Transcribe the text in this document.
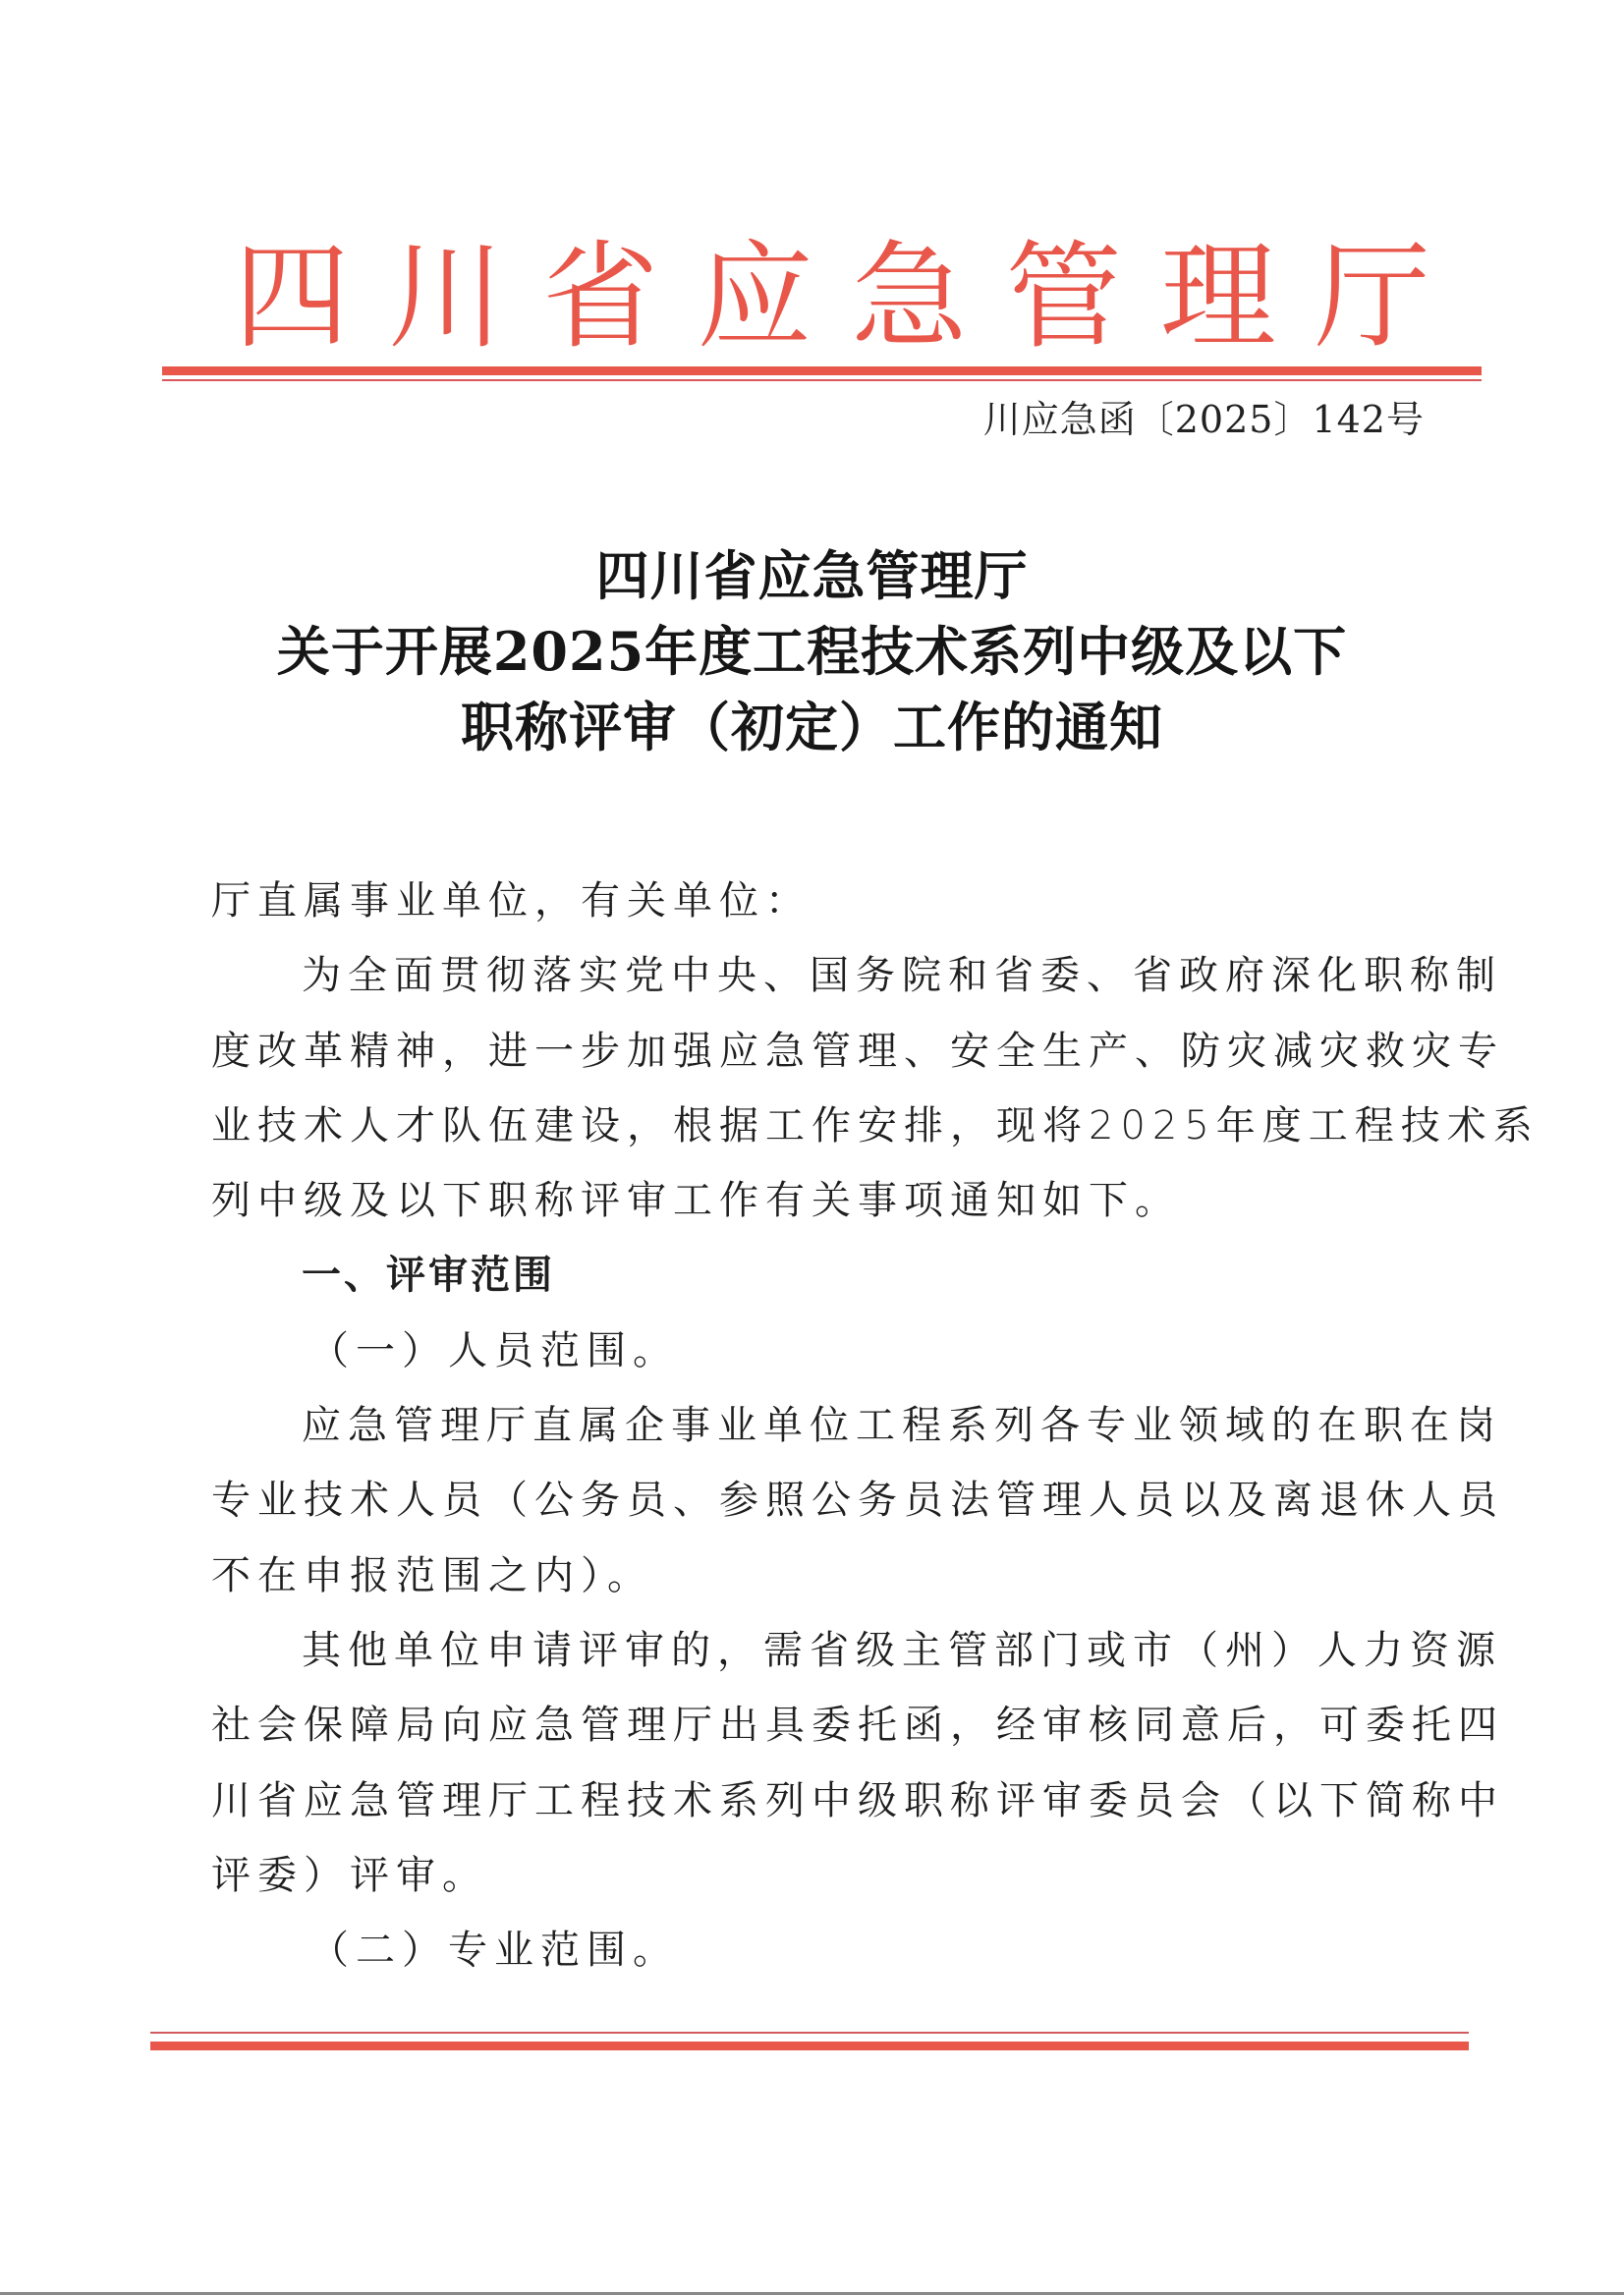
四 川 省 应 急 管 理 厅
川应急函〔2025〕142号
四川省应急管理厅
关于开展2025年度工程技术系列中级及以下
职称评审（初定）工作的通知
厅直属事业单位，有关单位：
为全面贯彻落实党中央、国务院和省委、省政府深化职称制
度改革精神，进一步加强应急管理、安全生产、防灾减灾救灾专
业技术人才队伍建设，根据工作安排，现将2025年度工程技术系
列中级及以下职称评审工作有关事项通知如下。
一、评审范围
（一）人员范围。
应急管理厅直属企事业单位工程系列各专业领域的在职在岗
专业技术人员（公务员、参照公务员法管理人员以及离退休人员
不在申报范围之内）。
其他单位申请评审的，需省级主管部门或市（州）人力资源
社会保障局向应急管理厅出具委托函，经审核同意后，可委托四
川省应急管理厅工程技术系列中级职称评审委员会（以下简称中
评委）评审。
（二）专业范围。
